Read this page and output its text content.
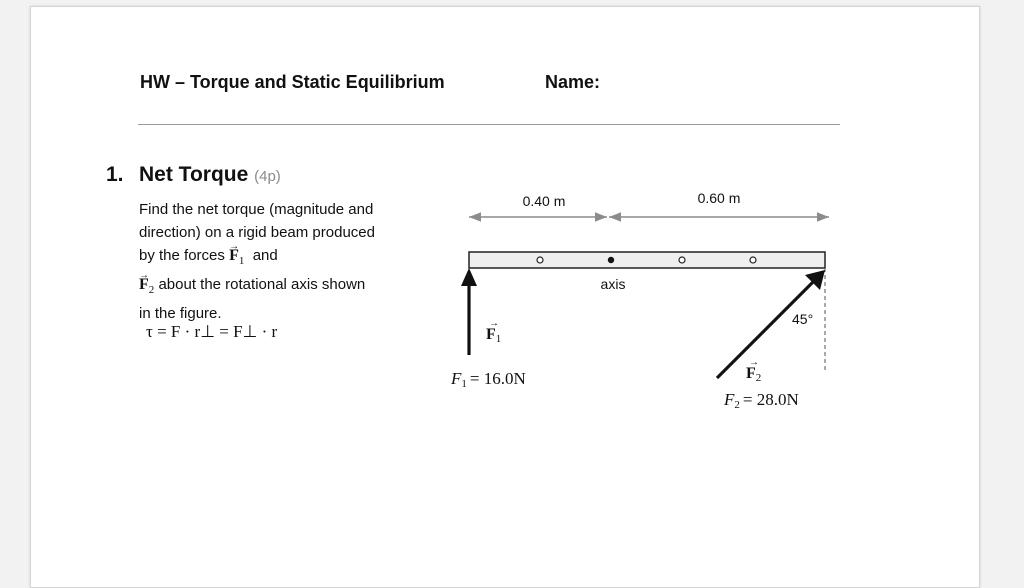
HW – Torque and Static Equilibrium	Name:
1. Net Torque (4p)
Find the net torque (magnitude and direction) on a rigid beam produced by the forces → $F_1$ and
→ $F_2$ about the rotational axis shown in the figure.
τ = F · r⊥ = F⊥ · r
0.40 m	0.60 m
axis
F1
→
F1 = 16.0N
45°
F2
→
F2 = 28.0N
